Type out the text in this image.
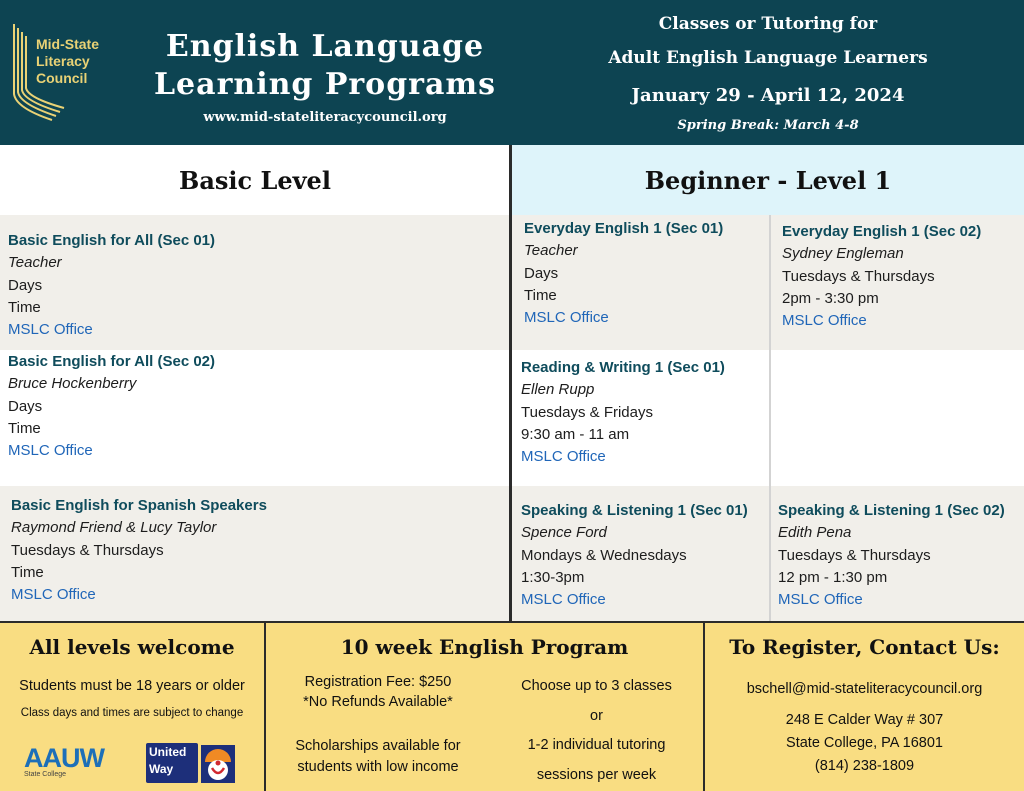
Mid-State
Literacy
Council
English Language
Learning Programs
www.mid-stateliteracycouncil.org
Classes or Tutoring for
Adult English Language Learners
January 29 - April 12, 2024
Spring Break: March 4-8
Basic Level	Beginner - Level 1
Basic English for All (Sec 01)
Teacher
Days
Time
MSLC Office
Basic English for All (Sec 02)
Bruce Hockenberry
Days
Time
MSLC Office
Basic English for Spanish Speakers
Raymond Friend & Lucy Taylor
Tuesdays & Thursdays
Time
MSLC Office
Everyday English 1 (Sec 01)
Teacher
Days
Time
MSLC Office
Everyday English 1 (Sec 02)
Sydney Engleman
Tuesdays & Thursdays
2pm - 3:30 pm
MSLC Office
Reading & Writing 1 (Sec 01)
Ellen Rupp
Tuesdays & Fridays
9:30 am - 11 am
MSLC Office
Speaking & Listening 1 (Sec 01)
Spence Ford
Mondays & Wednesdays
1:30-3pm
MSLC Office
Speaking & Listening 1 (Sec 02)
Edith Pena
Tuesdays & Thursdays
12 pm - 1:30 pm
MSLC Office
All levels welcome
Students must be 18 years or older
Class days and times are subject to change
AAUW
State College
United
Way
10 week English Program
Registration Fee: $250
*No Refunds Available*
Scholarships available for
students with low income
Choose up to 3 classes
or
1-2 individual tutoring
sessions per week
To Register, Contact Us:
bschell@mid-stateliteracycouncil.org
248 E Calder Way # 307
State College, PA 16801
(814) 238-1809
